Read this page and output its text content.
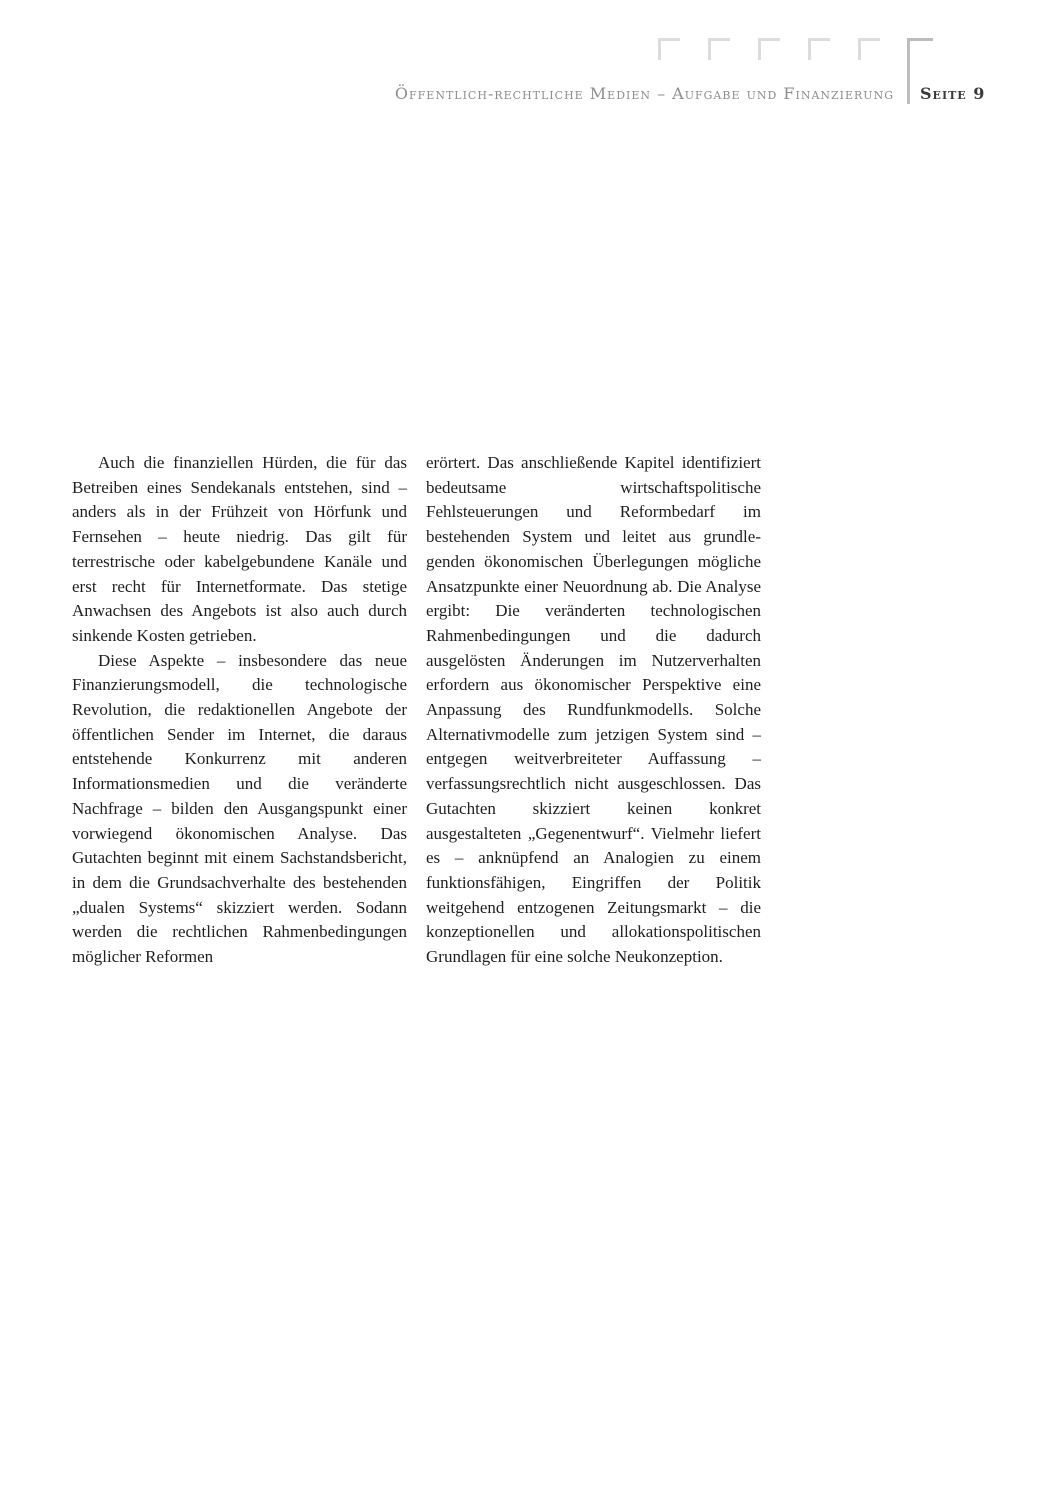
Öffentlich-rechtliche Medien – Aufgabe und Finanzierung Seite 9

Auch die finanziellen Hürden, die für das Betreiben eines Sendekanals entstehen, sind – anders als in der Frühzeit von Hörfunk und Fernsehen – heute niedrig. Das gilt für terrestrische oder kabelgebundene Kanäle und erst recht für Internetformate. Das stetige Anwachsen des Angebots ist also auch durch sinkende Kosten getrieben.

Diese Aspekte – insbesondere das neue Finanzierungsmodell, die technologische Revolution, die redaktionellen Angebote der öffentlichen Sender im Internet, die daraus entstehende Konkurrenz mit anderen Informationsmedien und die veränderte Nachfrage – bilden den Ausgangspunkt einer vorwiegend ökonomischen Analyse. Das Gutachten beginnt mit einem Sachstandsbericht, in dem die Grundsachverhalte des bestehenden „dualen Systems“ skizziert werden. Sodann werden die rechtlichen Rahmenbedingungen möglicher Reformen

erörtert. Das anschließende Kapitel identifiziert bedeutsame wirtschaftspolitische Fehlsteuerungen und Reformbedarf im bestehenden System und leitet aus grundlegenden ökonomischen Überlegungen mögliche Ansatzpunkte einer Neuordnung ab. Die Analyse ergibt: Die veränderten technologischen Rahmenbedingungen und die dadurch ausgelösten Änderungen im Nutzerverhalten erfordern aus ökonomischer Perspektive eine Anpassung des Rundfunkmodells. Solche Alternativmodelle zum jetzigen System sind – entgegen weitverbreiteter Auffassung – verfassungsrechtlich nicht ausgeschlossen. Das Gutachten skizziert keinen konkret ausgestalteten „Gegenentwurf“. Vielmehr liefert es – anknüpfend an Analogien zu einem funktionsfähigen, Eingriffen der Politik weitgehend entzogenen Zeitungsmarkt – die konzeptionellen und allokationspolitischen Grundlagen für eine solche Neukonzeption.
